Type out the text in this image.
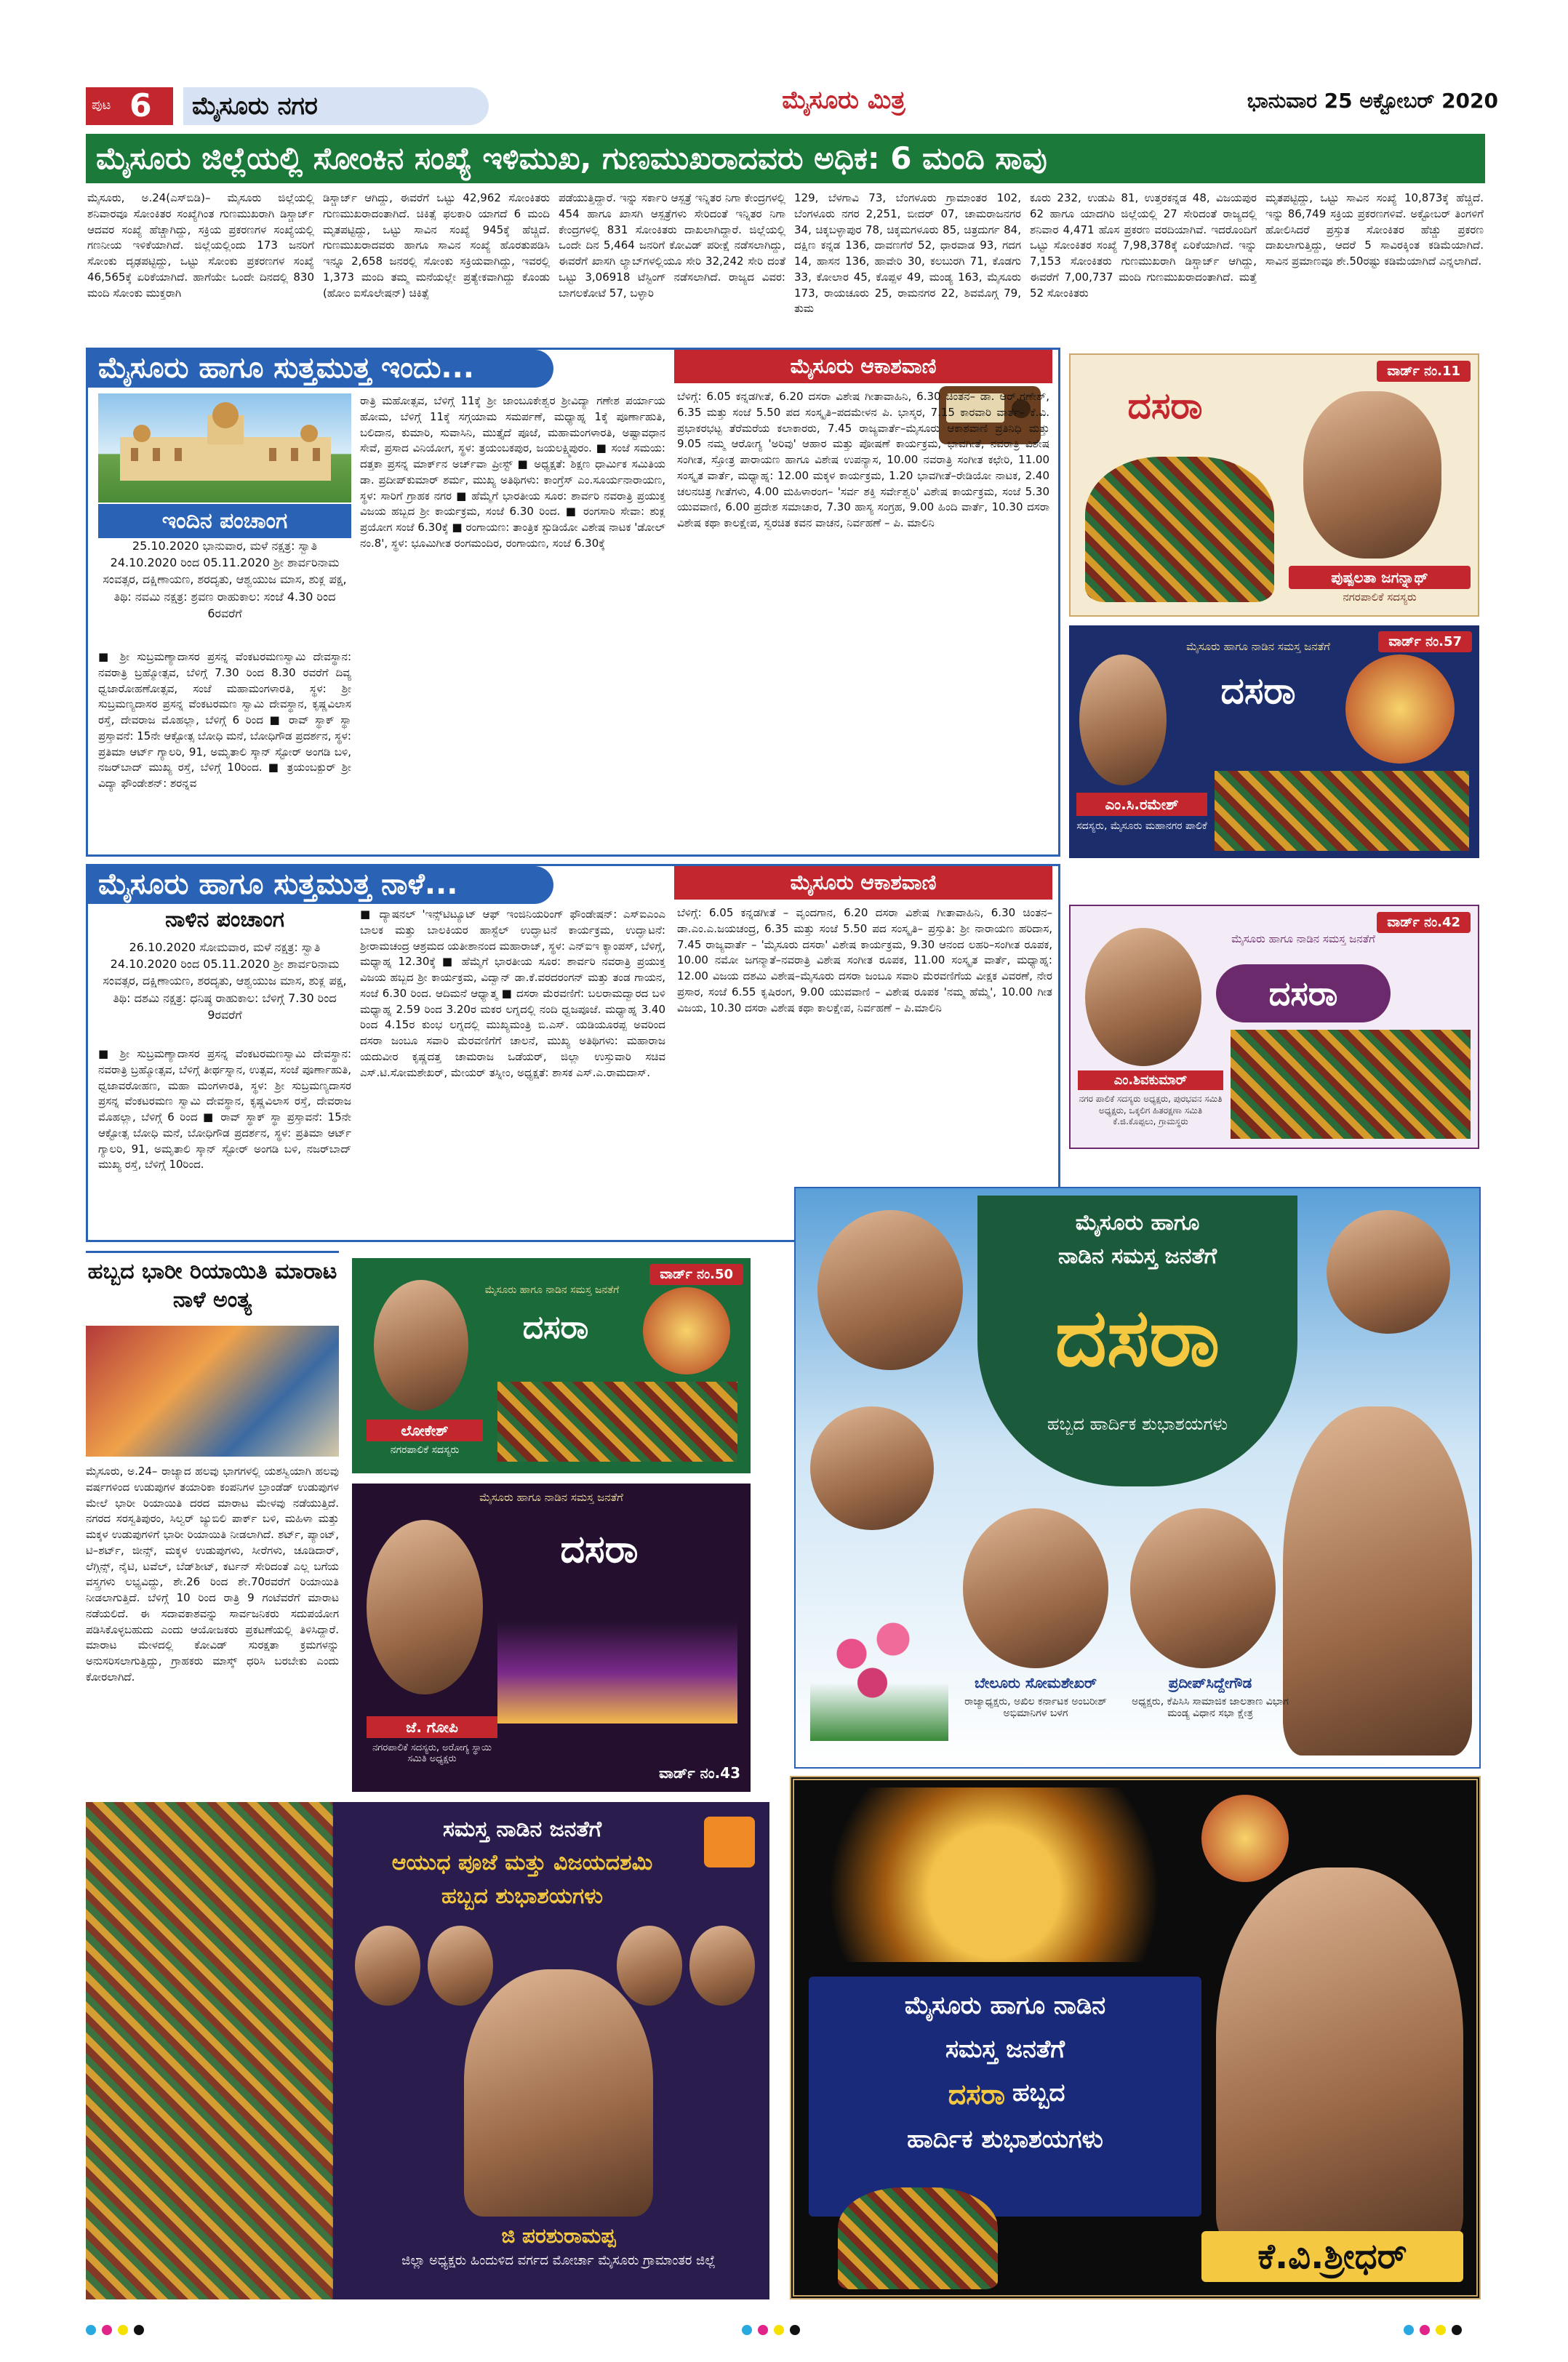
ಪುಟ 6	ಮೈಸೂರು ನಗರ	ಮೈಸೂರು ಮಿತ್ರ	ಭಾನುವಾರ 25 ಅಕ್ಟೋಬರ್ 2020
ಮೈಸೂರು ಜಿಲ್ಲೆಯಲ್ಲಿ ಸೋಂಕಿನ ಸಂಖ್ಯೆ ಇಳಿಮುಖ, ಗುಣಮುಖರಾದವರು ಅಧಿಕ: 6 ಮಂದಿ ಸಾವು
ಮೈಸೂರು, ಅ.24(ಎಸ್‌ಬಿಡಿ)– ಮೈಸೂರು ಜಿಲ್ಲೆಯಲ್ಲಿ ಶನಿವಾರವೂ ಸೋಂಕಿತರ ಸಂಖ್ಯೆಗಿಂತ ಗುಣಮುಖರಾಗಿ ಡಿಸ್ಚಾರ್ಜ್ ಆದವರ ಸಂಖ್ಯೆ ಹೆಚ್ಚಾಗಿದ್ದು, ಸಕ್ರಿಯ ಪ್ರಕರಣಗಳ ಸಂಖ್ಯೆಯಲ್ಲಿ ಗಣನೀಯ ಇಳಿಕೆಯಾಗಿದೆ. ಜಿಲ್ಲೆಯಲ್ಲಿಂದು 173 ಜನರಿಗೆ ಸೋಂಕು ದೃಢಪಟ್ಟಿದ್ದು, ಒಟ್ಟು ಸೋಂಕು ಪ್ರಕರಣಗಳ ಸಂಖ್ಯೆ 46,565ಕ್ಕೆ ಏರಿಕೆಯಾಗಿದೆ. ಹಾಗೆಯೇ ಒಂದೇ ದಿನದಲ್ಲಿ 830 ಮಂದಿ ಸೋಂಕು ಮುಕ್ತರಾಗಿ
ಡಿಸ್ಚಾರ್ಜ್ ಆಗಿದ್ದು, ಈವರೆಗೆ ಒಟ್ಟು 42,962 ಸೋಂಕಿತರು ಗುಣಮುಖರಾದಂತಾಗಿದೆ. ಚಿಕಿತ್ಸೆ ಫಲಕಾರಿ ಯಾಗದೆ 6 ಮಂದಿ ಮೃತಪಟ್ಟಿದ್ದು, ಒಟ್ಟು ಸಾವಿನ ಸಂಖ್ಯೆ 945ಕ್ಕೆ ಹೆಚ್ಚಿದೆ. ಗುಣಮುಖರಾದವರು ಹಾಗೂ ಸಾವಿನ ಸಂಖ್ಯೆ ಹೊರತುಪಡಿಸಿ ಇನ್ನೂ 2,658 ಜನರಲ್ಲಿ ಸೋಂಕು ಸಕ್ರಿಯವಾಗಿದ್ದು, ಇವರಲ್ಲಿ 1,373 ಮಂದಿ ತಮ್ಮ ಮನೆಯಲ್ಲೇ ಪ್ರತ್ಯೇಕವಾಗಿದ್ದು ಕೊಂಡು (ಹೋಂ ಐಸೊಲೇಷನ್) ಚಿಕಿತ್ಸೆ
ಪಡೆಯುತ್ತಿದ್ದಾರೆ. ಇನ್ನು ಸರ್ಕಾರಿ ಆಸ್ಪತ್ರೆ ಇನ್ನಿತರ ನಿಗಾ ಕೇಂದ್ರಗಳಲ್ಲಿ 454 ಹಾಗೂ ಖಾಸಗಿ ಆಸ್ಪತ್ರೆಗಳು ಸೇರಿದಂತೆ ಇನ್ನಿತರ ನಿಗಾ ಕೇಂದ್ರಗಳಲ್ಲಿ 831 ಸೋಂಕಿತರು ದಾಖಲಾಗಿದ್ದಾರೆ. ಜಿಲ್ಲೆಯಲ್ಲಿ ಒಂದೇ ದಿನ 5,464 ಜನರಿಗೆ ಕೋವಿಡ್ ಪರೀಕ್ಷೆ ನಡೆಸಲಾಗಿದ್ದು, ಈವರೆಗೆ ಖಾಸಗಿ ಲ್ಯಾಬ್‌ಗಳಲ್ಲಿಯೂ ಸೇರಿ 32,242 ಸೇರಿ ದಂತೆ ಒಟ್ಟು 3,06918 ಟೆಸ್ಟಿಂಗ್ ನಡೆಸಲಾಗಿದೆ. ರಾಜ್ಯದ ವಿವರ: ಬಾಗಲಕೋಟೆ 57, ಬಳ್ಳಾರಿ
129, ಬೆಳಗಾವಿ 73, ಬೆಂಗಳೂರು ಗ್ರಾಮಾಂತರ 102, ಬೆಂಗಳೂರು ನಗರ 2,251, ಬೀದರ್ 07, ಚಾಮರಾಜನಗರ 34, ಚಿಕ್ಕಬಳ್ಳಾಪುರ 78, ಚಿಕ್ಕಮಗಳೂರು 85, ಚಿತ್ರದುರ್ಗ 84, ದಕ್ಷಿಣ ಕನ್ನಡ 136, ದಾವಣಗೆರೆ 52, ಧಾರವಾಡ 93, ಗದಗ 14, ಹಾಸನ 136, ಹಾವೇರಿ 30, ಕಲಬುರಗಿ 71, ಕೊಡಗು 33, ಕೋಲಾರ 45, ಕೊಪ್ಪಳ 49, ಮಂಡ್ಯ 163, ಮೈಸೂರು 173, ರಾಯಚೂರು 25, ರಾಮನಗರ 22, ಶಿವಮೊಗ್ಗ 79, ತುಮ
ಕೂರು 232, ಉಡುಪಿ 81, ಉತ್ತರಕನ್ನಡ 48, ವಿಜಯಪುರ 62 ಹಾಗೂ ಯಾದಗಿರಿ ಜಿಲ್ಲೆಯಲ್ಲಿ 27 ಸೇರಿದಂತೆ ರಾಜ್ಯದಲ್ಲಿ ಶನಿವಾರ 4,471 ಹೊಸ ಪ್ರಕರಣ ವರದಿಯಾಗಿವೆ. ಇದರೊಂದಿಗೆ ಒಟ್ಟು ಸೋಂಕಿತರ ಸಂಖ್ಯೆ 7,98,378ಕ್ಕೆ ಏರಿಕೆಯಾಗಿದೆ. ಇನ್ನು 7,153 ಸೋಂಕಿತರು ಗುಣಮುಖರಾಗಿ ಡಿಸ್ಚಾರ್ಜ್ ಆಗಿದ್ದು, ಈವರೆಗೆ 7,00,737 ಮಂದಿ ಗುಣಮುಖರಾದಂತಾಗಿದೆ. ಮತ್ತೆ 52 ಸೋಂಕಿತರು
ಮೃತಪಟ್ಟಿದ್ದು, ಒಟ್ಟು ಸಾವಿನ ಸಂಖ್ಯೆ 10,873ಕ್ಕೆ ಹೆಚ್ಚಿದೆ. ಇನ್ನು 86,749 ಸಕ್ರಿಯ ಪ್ರಕರಣಗಳಿವೆ. ಅಕ್ಟೋಬರ್ ತಿಂಗಳಿಗೆ ಹೋಲಿಸಿದರೆ ಪ್ರಸ್ತುತ ಸೋಂಕಿತರ ಹೆಚ್ಚು ಪ್ರಕರಣ ದಾಖಲಾಗುತ್ತಿದ್ದು, ಆದರೆ 5 ಸಾವಿರಕ್ಕಿಂತ ಕಡಿಮೆಯಾಗಿದೆ. ಸಾವಿನ ಪ್ರಮಾಣವೂ ಶೇ.50ರಷ್ಟು ಕಡಿಮೆಯಾಗಿದೆ ಎನ್ನಲಾಗಿದೆ.
ಮೈಸೂರು ಹಾಗೂ ಸುತ್ತಮುತ್ತ ಇಂದು...
ಇಂದಿನ ಪಂಚಾಂಗ
25.10.2020 ಭಾನುವಾರ, ಮಳೆ ನಕ್ಷತ್ರ: ಸ್ವಾತಿ 24.10.2020 ರಿಂದ 05.11.2020 ಶ್ರೀ ಶಾರ್ವರಿನಾಮ ಸಂವತ್ಸರ, ದಕ್ಷಿಣಾಯಣ, ಶರದೃತು, ಆಶ್ವಯುಜ ಮಾಸ, ಶುಕ್ಲ ಪಕ್ಷ, ತಿಥಿ: ನವಮಿ ನಕ್ಷತ್ರ: ಶ್ರವಣ ರಾಹುಕಾಲ: ಸಂಜೆ 4.30 ರಿಂದ 6ರವರೆಗೆ
■ ಶ್ರೀ ಸುಬ್ರಮಣ್ಯಾದಾಸರ ಪ್ರಸನ್ನ ವೆಂಕಟರಮಣಸ್ವಾಮಿ ದೇವಸ್ಥಾನ: ನವರಾತ್ರಿ ಬ್ರಹ್ಮೋತ್ಸವ, ಬೆಳಿಗ್ಗೆ 7.30 ರಿಂದ 8.30 ರವರೆಗೆ ದಿವ್ಯ ಧ್ವಜಾರೋಹಣೋತ್ಸವ, ಸಂಜೆ ಮಹಾಮಂಗಳಾರತಿ, ಸ್ಥಳ: ಶ್ರೀ ಸುಬ್ರಮಣ್ಯದಾಸರ ಪ್ರಸನ್ನ ವೆಂಕಟರಮಣ ಸ್ವಾಮಿ ದೇವಸ್ಥಾನ, ಕೃಷ್ಣವಿಲಾಸ ರಸ್ತೆ, ದೇವರಾಜ ಮೊಹಲ್ಲಾ, ಬೆಳಿಗ್ಗೆ 6 ರಿಂದ ■ ರಾವ್ ಸ್ಥಾಕ್ ಸ್ಥಾ ಪ್ರಸ್ತಾವನೆ: 15ನೇ ಆಕ್ಟೋತ್ಸ ಬೋಧಿ ಮನೆ, ಬೋಧಿಗೌಡ ಪ್ರದರ್ಶನ, ಸ್ಥಳ: ಪ್ರತಿಮಾ ಆರ್ಟ್ ಗ್ಯಾಲರಿ, 91, ಅಮೃತಾಲಿ ಸ್ಕಾನ್ ಸ್ಟೋರ್ ಅಂಗಡಿ ಬಳಿ, ನಜರ್‌ಬಾದ್ ಮುಖ್ಯ ರಸ್ತೆ, ಬೆಳಿಗ್ಗೆ 10ರಿಂದ. ■ ತ್ರಯಂಬಕ್ಪುರ್ ಶ್ರೀ ವಿದ್ಯಾ ಫೌಂಡೇಶನ್: ಶರನ್ನವ
ರಾತ್ರಿ ಮಹೋತ್ಸವ, ಬೆಳಿಗ್ಗೆ 11ಕ್ಕೆ ಶ್ರೀ ಜಾಂಬೂಕೇಶ್ವರ ಶ್ರೀವಿದ್ಯಾ ಗಣೇಶ ಪರ್ಯಾಯ ಹೋಮ, ಬೆಳಿಗ್ಗೆ 11ಕ್ಕೆ ಸಗ್ಗಯಾಮ ಸಮರ್ಪಣೆ, ಮಧ್ಯಾಹ್ನ 1ಕ್ಕೆ ಪೂರ್ಣಾಹುತಿ, ಬಲಿದಾನ, ಕುಮಾರಿ, ಸುವಾಸಿನಿ, ಮುತ್ತೈದೆ ಪೂಜೆ, ಮಹಾಮಂಗಳಾರತಿ, ಅಷ್ಟಾವಧಾನ ಸೇವೆ, ಪ್ರಸಾದ ವಿನಿಯೋಗ, ಸ್ಥಳ: ತ್ರಯಂಬಕಪುರ, ಜಯಲಕ್ಷ್ಮಿಪುರಂ. ■ ಸಂಜೆ ಸಮಯ: ದತ್ತಕಾ ಪ್ರಸನ್ನ ಮಾರ್ಕ್‌ನ ಅರ್ಚ್‌ವಾ ಪ್ರೀಸ್ಟ್ ■ ಅಧ್ಯಕ್ಷತೆ: ಶಿಕ್ಷಣ ಧಾರ್ಮಿಕ ಸಮಿತಿಯ ಡಾ. ಪ್ರದೀಪ್‌ಕುಮಾರ್ ಶರ್ಮ, ಮುಖ್ಯ ಅತಿಥಿಗಳು: ಕಾಂಗ್ರೆಸ್ ಎಂ.ಸೂರ್ಯನಾರಾಯಣ, ಸ್ಥಳ: ಸಾರಿಗೆ ಗ್ರಾಹಕ ನಗರ ■ ಹೆಮ್ಮೆಗೆ ಭಾರತೀಯ ಸೂರ: ಶಾರ್ವರಿ ನವರಾತ್ರಿ ಪ್ರಯುಕ್ತ ವಿಜಯ ಹಬ್ಬದ ಶ್ರೀ ಕಾರ್ಯಕ್ರಮ, ಸಂಜೆ 6.30 ರಿಂದ. ■ ರಂಗಸಾರಿ ಸೇವಾ: ಶುಕ್ಲ ಪ್ರಯೋಗ ಸಂಜೆ 6.30ಕ್ಕೆ ■ ರಂಗಾಯಣ: ತಾಂತ್ರಿಕ ಸ್ಟುಡಿಯೋ ವಿಶೇಷ ನಾಟಕ 'ಡೋಲ್ ನಂ.8', ಸ್ಥಳ: ಭೂಮಿಗೀತ ರಂಗಮಂದಿರ, ರಂಗಾಯಣ, ಸಂಜೆ 6.30ಕ್ಕೆ
ಮೈಸೂರು ಆಕಾಶವಾಣಿ
ಬೆಳಿಗ್ಗೆ: 6.05 ಕನ್ನಡಗೀತೆ, 6.20 ದಸರಾ ವಿಶೇಷ ಗೀತಾವಾಹಿನಿ, 6.30 ಚಿಂತನ– ಡಾ. ಆರ್.ಗಣೇಶ್, 6.35 ಮತ್ತು ಸಂಜೆ 5.50 ಪದ ಸಂಸ್ಕೃತಿ–ಪದಮೇಳನ ಪಿ. ಭಾಸ್ಕರ, 7.15 ಕಾರವಾರಿ ವಾರ್ತೆ– ಕೆ.ವಿ. ಪ್ರಭಾಕರಭಟ್ಟ ತೆರೆಮರೆಯ ಕಲಾಕಾರರು, 7.45 ರಾಜ್ಯವಾರ್ತೆ–ಮೈಸೂರು ಆಕಾಶವಾಣಿ ಪ್ರತಿನಿಧಿ ಮತ್ತು 9.05 ನಮ್ಮ ಆರೋಗ್ಯ 'ಅರಿವು' ಆಹಾರ ಮತ್ತು ಪೋಷಣೆ ಕಾರ್ಯಕ್ರಮ, ಭಾವಗೀತೆ, ನವರಾತ್ರಿ ವಿಶೇಷ ಸಂಗೀತ, ಸ್ತೋತ್ರ ಪಾರಾಯಣ ಹಾಗೂ ವಿಶೇಷ ಉಪನ್ಯಾಸ, 10.00 ನವರಾತ್ರಿ ಸಂಗೀತ ಕಛೇರಿ, 11.00 ಸಂಸ್ಕೃತ ವಾರ್ತೆ, ಮಧ್ಯಾಹ್ನ: 12.00 ಮಕ್ಕಳ ಕಾರ್ಯಕ್ರಮ, 1.20 ಭಾವಗೀತೆ–ರೇಡಿಯೋ ನಾಟಕ, 2.40 ಚಲನಚಿತ್ರ ಗೀತೆಗಳು, 4.00 ಮಹಿಳಾರಂಗ– 'ಸರ್ವ ಶಕ್ತಿ ಸರ್ವೇಶ್ವರಿ' ವಿಶೇಷ ಕಾರ್ಯಕ್ರಮ, ಸಂಜೆ 5.30 ಯುವವಾಣಿ, 6.00 ಪ್ರದೇಶ ಸಮಾಚಾರ, 7.30 ಹಾಸ್ಯ ಸಂಗ್ರಹ, 9.00 ಹಿಂದಿ ವಾರ್ತೆ, 10.30 ದಸರಾ ವಿಶೇಷ ಕಥಾ ಕಾಲಕ್ಷೇಪ, ಸ್ವರಚಿತ ಕವನ ವಾಚನ, ನಿರ್ವಹಣೆ – ಪಿ. ಮಾಲಿನಿ
ವಾರ್ಡ್ ನಂ.11
ದಸರಾ
ಪುಷ್ಪಲತಾ ಜಗನ್ನಾಥ್
ನಗರಪಾಲಿಕೆ ಸದಸ್ಯರು
ವಾರ್ಡ್ ನಂ.57
ಮೈಸೂರು ಹಾಗೂ ನಾಡಿನ ಸಮಸ್ತ ಜನತೆಗೆ
ದಸರಾ
ಎಂ.ಸಿ.ರಮೇಶ್
ಸದಸ್ಯರು, ಮೈಸೂರು ಮಹಾನಗರ ಪಾಲಿಕೆ
ಮೈಸೂರು ಹಾಗೂ ಸುತ್ತಮುತ್ತ ನಾಳೆ...
ನಾಳಿನ ಪಂಚಾಂಗ
26.10.2020 ಸೋಮವಾರ, ಮಳೆ ನಕ್ಷತ್ರ: ಸ್ವಾತಿ 24.10.2020 ರಿಂದ 05.11.2020 ಶ್ರೀ ಶಾರ್ವರಿನಾಮ ಸಂವತ್ಸರ, ದಕ್ಷಿಣಾಯಣ, ಶರದೃತು, ಆಶ್ವಯುಜ ಮಾಸ, ಶುಕ್ಲ ಪಕ್ಷ, ತಿಥಿ: ದಶಮಿ ನಕ್ಷತ್ರ: ಧನಿಷ್ಠ ರಾಹುಕಾಲ: ಬೆಳಿಗ್ಗೆ 7.30 ರಿಂದ 9ರವರೆಗೆ
■ ಶ್ರೀ ಸುಬ್ರಮಣ್ಯಾದಾಸರ ಪ್ರಸನ್ನ ವೆಂಕಟರಮಣಸ್ವಾಮಿ ದೇವಸ್ಥಾನ: ನವರಾತ್ರಿ ಬ್ರಹ್ಮೋತ್ಸವ, ಬೆಳಿಗ್ಗೆ ತೀರ್ಥಸ್ನಾನ, ಉತ್ಸವ, ಸಂಜೆ ಪೂರ್ಣಾಹುತಿ, ಧ್ವಜಾವರೋಹಣ, ಮಹಾ ಮಂಗಳಾರತಿ, ಸ್ಥಳ: ಶ್ರೀ ಸುಬ್ರಮಣ್ಯದಾಸರ ಪ್ರಸನ್ನ ವೆಂಕಟರಮಣ ಸ್ವಾಮಿ ದೇವಸ್ಥಾನ, ಕೃಷ್ಣವಿಲಾಸ ರಸ್ತೆ, ದೇವರಾಜ ಮೊಹಲ್ಲಾ, ಬೆಳಿಗ್ಗೆ 6 ರಿಂದ ■ ರಾವ್ ಸ್ಥಾಕ್ ಸ್ಥಾ ಪ್ರಸ್ತಾವನೆ: 15ನೇ ಆಕ್ಟೋತ್ಸ ಬೋಧಿ ಮನೆ, ಬೋಧಿಗೌಡ ಪ್ರದರ್ಶನ, ಸ್ಥಳ: ಪ್ರತಿಮಾ ಆರ್ಟ್ ಗ್ಯಾಲರಿ, 91, ಅಮೃತಾಲಿ ಸ್ಕಾನ್ ಸ್ಟೋರ್ ಅಂಗಡಿ ಬಳಿ, ನಜರ್‌ಬಾದ್ ಮುಖ್ಯ ರಸ್ತೆ, ಬೆಳಿಗ್ಗೆ 10ರಿಂದ.
■ ದ್ಯಾಷನಲ್ 'ಇನ್ಸ್‌ಟಿಟ್ಯೂಟ್ ಆಫ್ ಇಂಜಿನಿಯರಿಂಗ್ ಫೌಂಡೇಷನ್: ಎಸ್‌ಐಎಂಎ ಬಾಲಕ ಮತ್ತು ಬಾಲಕಿಯರ ಹಾಸ್ಟೆಲ್ ಉದ್ಘಾಟನೆ ಕಾರ್ಯಕ್ರಮ, ಉದ್ಘಾಟನೆ: ಶ್ರೀರಾಮಚಂದ್ರ ಆಶ್ರಮದ ಯತೀಶಾನಂದ ಮಹಾರಾಜ್, ಸ್ಥಳ: ಎನ್‌ಐಇ ಕ್ಯಾಂಪಸ್, ಬೆಳಿಗ್ಗೆ, ಮಧ್ಯಾಹ್ನ 12.30ಕ್ಕೆ ■ ಹೆಮ್ಮೆಗೆ ಭಾರತೀಯ ಸೂರ: ಶಾರ್ವರಿ ನವರಾತ್ರಿ ಪ್ರಯುಕ್ತ ವಿಜಯ ಹಬ್ಬದ ಶ್ರೀ ಕಾರ್ಯಕ್ರಮ, ವಿದ್ವಾನ್ ಡಾ.ಕೆ.ವರದರಂಗನ್ ಮತ್ತು ತಂಡ ಗಾಯನ, ಸಂಜೆ 6.30 ರಿಂದ. ಆದಿಮನೆ ಆಧ್ಯಾತ್ಮ ■ ದಸರಾ ಮೆರವಣಿಗೆ: ಬಲರಾಮದ್ವಾರದ ಬಳಿ ಮಧ್ಯಾಹ್ನ 2.59 ರಿಂದ 3.20ರ ಮಕರ ಲಗ್ನದಲ್ಲಿ ನಂದಿ ಧ್ವಜಪೂಜೆ. ಮಧ್ಯಾಹ್ನ 3.40 ರಿಂದ 4.15ರ ಕುಂಭ ಲಗ್ನದಲ್ಲಿ ಮುಖ್ಯಮಂತ್ರಿ ಬಿ.ಎಸ್. ಯಡಿಯೂರಪ್ಪ ಅವರಿಂದ ದಸರಾ ಜಂಬೂ ಸವಾರಿ ಮೆರವಣಿಗೆಗೆ ಚಾಲನೆ, ಮುಖ್ಯ ಅತಿಥಿಗಳು: ಮಹಾರಾಜ ಯದುವೀರ ಕೃಷ್ಣದತ್ತ ಚಾಮರಾಜ ಒಡೆಯರ್, ಜಿಲ್ಲಾ ಉಸ್ತುವಾರಿ ಸಚಿವ ಎಸ್.ಟಿ.ಸೋಮಶೇಖರ್, ಮೇಯರ್ ತಸ್ನೀಂ, ಅಧ್ಯಕ್ಷತೆ: ಶಾಸಕ ಎಸ್.ಎ.ರಾಮದಾಸ್.
ಮೈಸೂರು ಆಕಾಶವಾಣಿ
ಬೆಳಿಗ್ಗೆ: 6.05 ಕನ್ನಡಗೀತೆ – ವೃಂದಗಾನ, 6.20 ದಸರಾ ವಿಶೇಷ ಗೀತಾವಾಹಿನಿ, 6.30 ಚಿಂತನ– ಡಾ.ಎಂ.ಎ.ಜಯಚಂದ್ರ, 6.35 ಮತ್ತು ಸಂಜೆ 5.50 ಪದ ಸಂಸ್ಕೃತಿ– ಪ್ರಸ್ತುತಿ: ಶ್ರೀ ನಾರಾಯಣ ಹರಿದಾಸ, 7.45 ರಾಜ್ಯವಾರ್ತೆ – 'ಮೈಸೂರು ದಸರಾ' ವಿಶೇಷ ಕಾರ್ಯಕ್ರಮ, 9.30 ಆನಂದ ಲಹರಿ–ಸಂಗೀತ ರೂಪಕ, 10.00 ನಮೋ ಜಗನ್ಮಾತೆ–ನವರಾತ್ರಿ ವಿಶೇಷ ಸಂಗೀತ ರೂಪಕ, 11.00 ಸಂಸ್ಕೃತ ವಾರ್ತೆ, ಮಧ್ಯಾಹ್ನ: 12.00 ವಿಜಯ ದಶಮಿ ವಿಶೇಷ–ಮೈಸೂರು ದಸರಾ ಜಂಬೂ ಸವಾರಿ ಮೆರವಣಿಗೆಯ ವೀಕ್ಷಕ ವಿವರಣೆ, ನೇರ ಪ್ರಸಾರ, ಸಂಜೆ 6.55 ಕೃಷಿರಂಗ, 9.00 ಯುವವಾಣಿ – ವಿಶೇಷ ರೂಪಕ 'ನಮ್ಮ ಹೆಮ್ಮೆ', 10.00 ಗೀತ ವಿಜಯ, 10.30 ದಸರಾ ವಿಶೇಷ ಕಥಾ ಕಾಲಕ್ಷೇಪ, ನಿರ್ವಹಣೆ – ಪಿ.ಮಾಲಿನಿ
ವಾರ್ಡ್ ನಂ.42
ಮೈಸೂರು ಹಾಗೂ ನಾಡಿನ ಸಮಸ್ತ ಜನತೆಗೆ
ದಸರಾ
ಎಂ.ಶಿವಕುಮಾರ್
ನಗರ ಪಾಲಿಕೆ ಸದಸ್ಯರು ಅಧ್ಯಕ್ಷರು, ಪುರಭವನ ಸಮಿತಿ ಅಧ್ಯಕ್ಷರು, ಒಕ್ಕಲಿಗ ಹಿತರಕ್ಷಣಾ ಸಮಿತಿ ಕೆ.ಜಿ.ಕೊಪ್ಪಲು, ಗ್ರಾಮಸ್ಥರು
ಹಬ್ಬದ ಭಾರೀ ರಿಯಾಯಿತಿ ಮಾರಾಟ ನಾಳೆ ಅಂತ್ಯ
ಮೈಸೂರು, ಅ.24– ರಾಜ್ಯಾದ ಹಲವು ಭಾಗಗಳಲ್ಲಿ ಯಶಸ್ವಿಯಾಗಿ ಹಲವು ವರ್ಷಗಳಿಂದ ಉಡುಪುಗಳ ತಯಾರಿಕಾ ಕಂಪನಿಗಳ ಬ್ರಾಂಡೆಡ್ ಉಡುಪುಗಳ ಮೇಲೆ ಭಾರೀ ರಿಯಾಯಿತಿ ದರದ ಮಾರಾಟ ಮೇಳವು ನಡೆಯುತ್ತಿದೆ. ನಗರದ ಸರಸ್ವತಿಪುರಂ, ಸಿಲ್ವರ್ ಜ್ಯುಬಿಲಿ ಪಾರ್ಕ್ ಬಳಿ, ಮಹಿಳಾ ಮತ್ತು ಮಕ್ಕಳ ಉಡುಪುಗಳಿಗೆ ಭಾರೀ ರಿಯಾಯಿತಿ ನೀಡಲಾಗಿದೆ. ಶರ್ಟ್, ಪ್ಯಾಂಟ್, ಟಿ–ಶರ್ಟ್, ಜೀನ್ಸ್, ಮಕ್ಕಳ ಉಡುಪುಗಳು, ಸೀರೆಗಳು, ಚೂಡಿದಾರ್, ಲೆಗ್ಗಿನ್ಸ್, ನೈಟಿ, ಟವೆಲ್, ಬೆಡ್‌ಶೀಟ್, ಕರ್ಟನ್ ಸೇರಿದಂತೆ ಎಲ್ಲ ಬಗೆಯ ವಸ್ತ್ರಗಳು ಲಭ್ಯವಿದ್ದು, ಶೇ.26 ರಿಂದ ಶೇ.70ರವರೆಗೆ ರಿಯಾಯಿತಿ ನೀಡಲಾಗುತ್ತಿದೆ. ಬೆಳಿಗ್ಗೆ 10 ರಿಂದ ರಾತ್ರಿ 9 ಗಂಟೆವರೆಗೆ ಮಾರಾಟ ನಡೆಯಲಿದೆ. ಈ ಸದಾವಕಾಶವನ್ನು ಸಾರ್ವಜನಿಕರು ಸದುಪಯೋಗ ಪಡಿಸಿಕೊಳ್ಳಬಹುದು ಎಂದು ಆಯೋಜಕರು ಪ್ರಕಟಣೆಯಲ್ಲಿ ತಿಳಿಸಿದ್ದಾರೆ. ಮಾರಾಟ ಮೇಳದಲ್ಲಿ ಕೋವಿಡ್ ಸುರಕ್ಷತಾ ಕ್ರಮಗಳನ್ನು ಅನುಸರಿಸಲಾಗುತ್ತಿದ್ದು, ಗ್ರಾಹಕರು ಮಾಸ್ಕ್ ಧರಿಸಿ ಬರಬೇಕು ಎಂದು ಕೋರಲಾಗಿದೆ.
ವಾರ್ಡ್ ನಂ.50
ಮೈಸೂರು ಹಾಗೂ ನಾಡಿನ ಸಮಸ್ತ ಜನತೆಗೆ
ದಸರಾ
ಲೋಕೇಶ್
ನಗರಪಾಲಿಕೆ ಸದಸ್ಯರು
ಮೈಸೂರು ಹಾಗೂ ನಾಡಿನ ಸಮಸ್ತ ಜನತೆಗೆ
ದಸರಾ
ಜೆ. ಗೋಪಿ
ನಗರಪಾಲಿಕೆ ಸದಸ್ಯರು, ಅರೋಗ್ಯ ಸ್ಥಾಯಿ ಸಮಿತಿ ಅಧ್ಯಕ್ಷರು
ವಾರ್ಡ್ ನಂ.43
ಮೈಸೂರು ಹಾಗೂ
ನಾಡಿನ ಸಮಸ್ತ ಜನತೆಗೆ
ದಸರಾ
ಹಬ್ಬದ ಹಾರ್ದಿಕ ಶುಭಾಶಯಗಳು
ಬೇಲೂರು ಸೋಮಶೇಖರ್
ರಾಜ್ಯಾಧ್ಯಕ್ಷರು, ಅಖಿಲ ಕರ್ನಾಟಕ ಅಂಬರೀಶ್ ಅಭಿಮಾನಿಗಳ ಬಳಗ
ಪ್ರದೀಪ್‌ಸಿದ್ದೇಗೌಡ
ಅಧ್ಯಕ್ಷರು, ಕೆಪಿಸಿಸಿ ಸಾಮಾಜಿಕ ಜಾಲತಾಣ ವಿಭಾಗ ಮಂಡ್ಯ ವಿಧಾನ ಸಭಾ ಕ್ಷೇತ್ರ
ಸಮಸ್ತ ನಾಡಿನ ಜನತೆಗೆ
ಆಯುಧ ಪೂಜೆ ಮತ್ತು ವಿಜಯದಶಮಿ
ಹಬ್ಬದ ಶುಭಾಶಯಗಳು
ಜಿ ಪರಶುರಾಮಪ್ಪ
ಜಿಲ್ಲಾ ಅಧ್ಯಕ್ಷರು ಹಿಂದುಳಿದ ವರ್ಗದ ಮೋರ್ಚಾ ಮೈಸೂರು ಗ್ರಾಮಾಂತರ ಜಿಲ್ಲೆ
ಮೈಸೂರು ಹಾಗೂ ನಾಡಿನ
ಸಮಸ್ತ ಜನತೆಗೆ
ದಸರಾ ಹಬ್ಬದ
ಹಾರ್ದಿಕ ಶುಭಾಶಯಗಳು
ಕೆ.ವಿ.ಶ್ರೀಧರ್
